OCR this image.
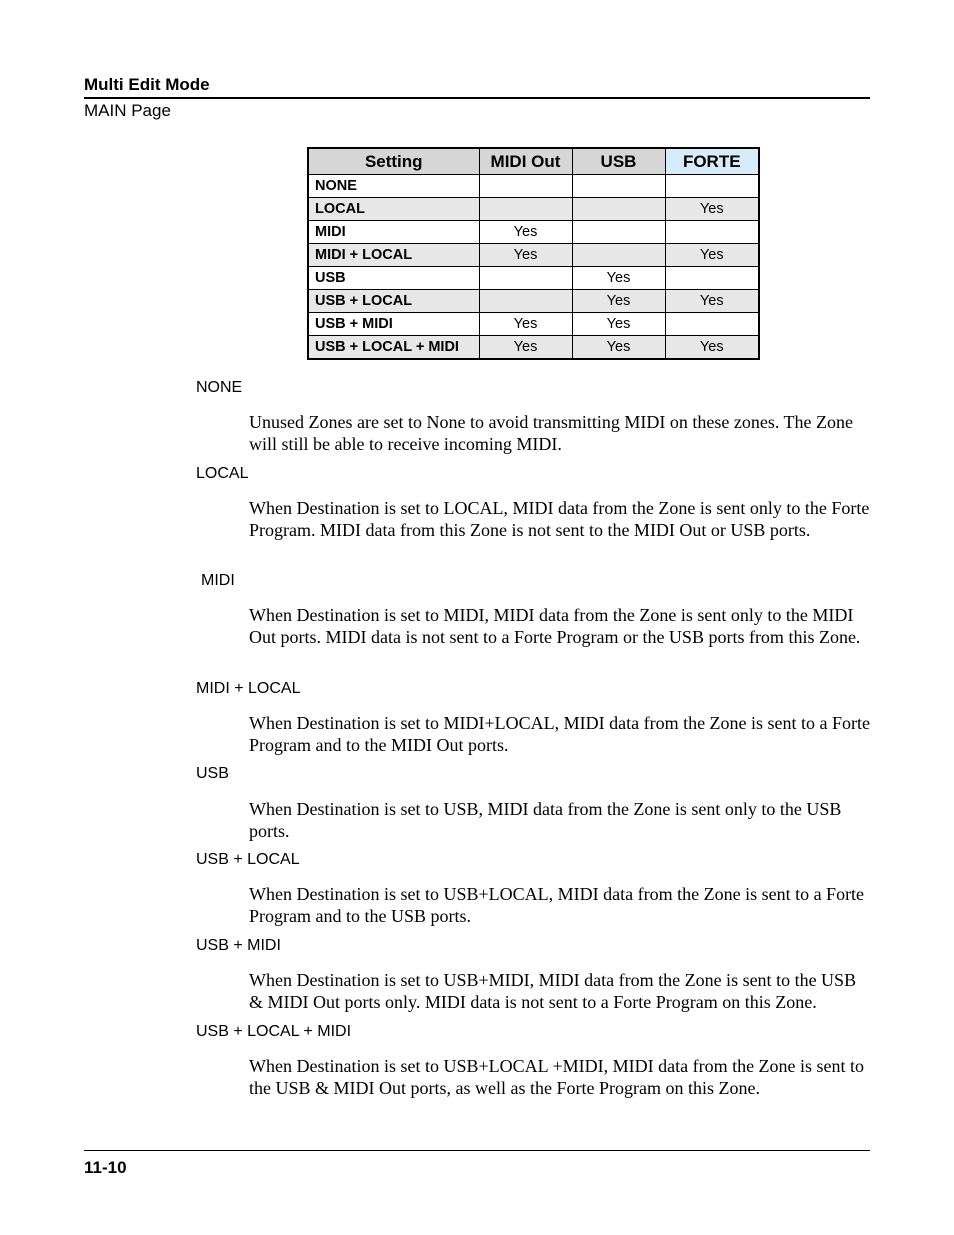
Multi Edit Mode
MAIN Page
Setting	MIDI Out	USB	FORTE
NONE			
LOCAL			Yes
MIDI	Yes		
MIDI + LOCAL	Yes		Yes
USB		Yes	
USB + LOCAL		Yes	Yes
USB + MIDI	Yes	Yes	
USB + LOCAL + MIDI	Yes	Yes	Yes
NONE
Unused Zones are set to None to avoid transmitting MIDI on these zones. The Zone will still be able to receive incoming MIDI.
LOCAL
When Destination is set to LOCAL, MIDI data from the Zone is sent only to the Forte Program. MIDI data from this Zone is not sent to the MIDI Out or USB ports.
MIDI
When Destination is set to MIDI, MIDI data from the Zone is sent only to the MIDI Out ports. MIDI data is not sent to a Forte Program or the USB ports from this Zone.
MIDI + LOCAL
When Destination is set to MIDI+LOCAL, MIDI data from the Zone is sent to a Forte Program and to the MIDI Out ports.
USB
When Destination is set to USB, MIDI data from the Zone is sent only to the USB ports.
USB + LOCAL
When Destination is set to USB+LOCAL, MIDI data from the Zone is sent to a Forte Program and to the USB ports.
USB + MIDI
When Destination is set to USB+MIDI, MIDI data from the Zone is sent to the USB & MIDI Out ports only. MIDI data is not sent to a Forte Program on this Zone.
USB + LOCAL + MIDI
When Destination is set to USB+LOCAL +MIDI, MIDI data from the Zone is sent to the USB & MIDI Out ports, as well as the Forte Program on this Zone.
11-10
